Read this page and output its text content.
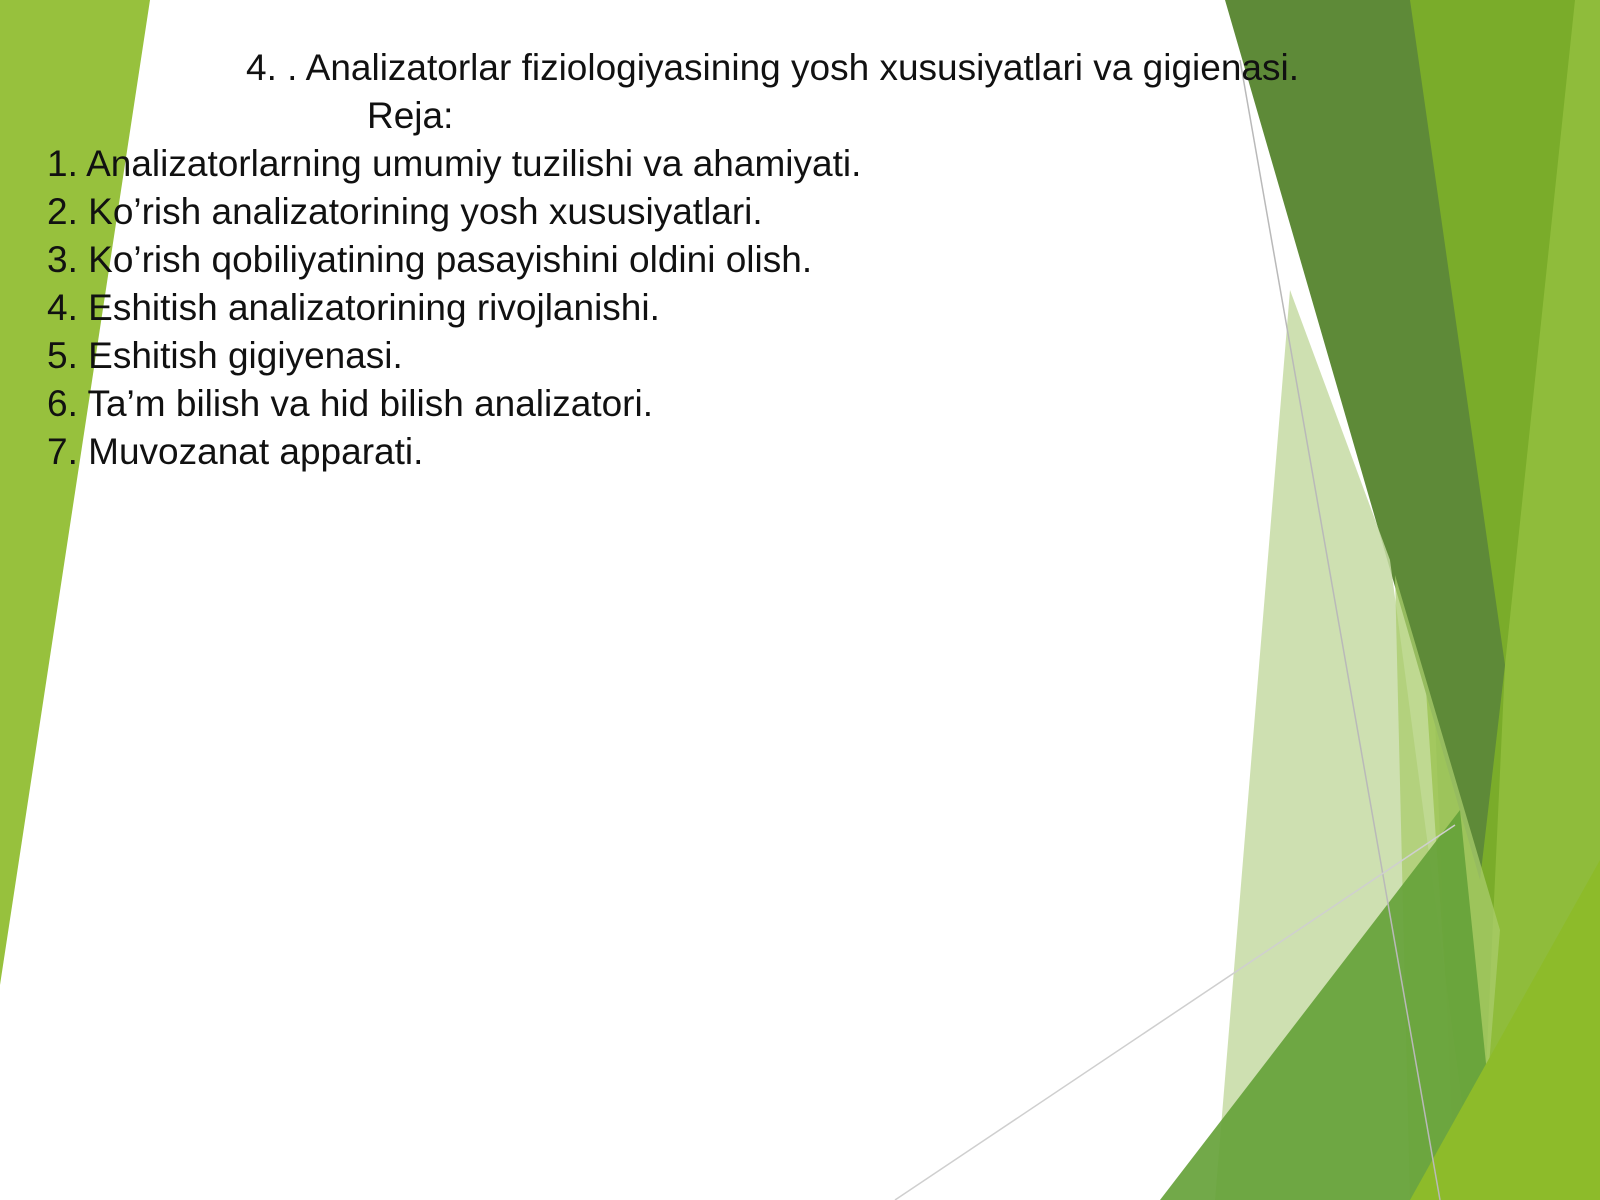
4. . Analizatorlar fiziologiyasining yosh xususiyatlari va gigienasi.
Reja:
1. Analizatorlarning umumiy tuzilishi va ahamiyati.
2. Ko’rish analizatorining yosh xususiyatlari.
3. Ko’rish qobiliyatining pasayishini oldini olish.
4. Eshitish analizatorining rivojlanishi.
5. Eshitish gigiyenasi.
6. Ta’m bilish va hid bilish analizatori.
7. Muvozanat apparati.
